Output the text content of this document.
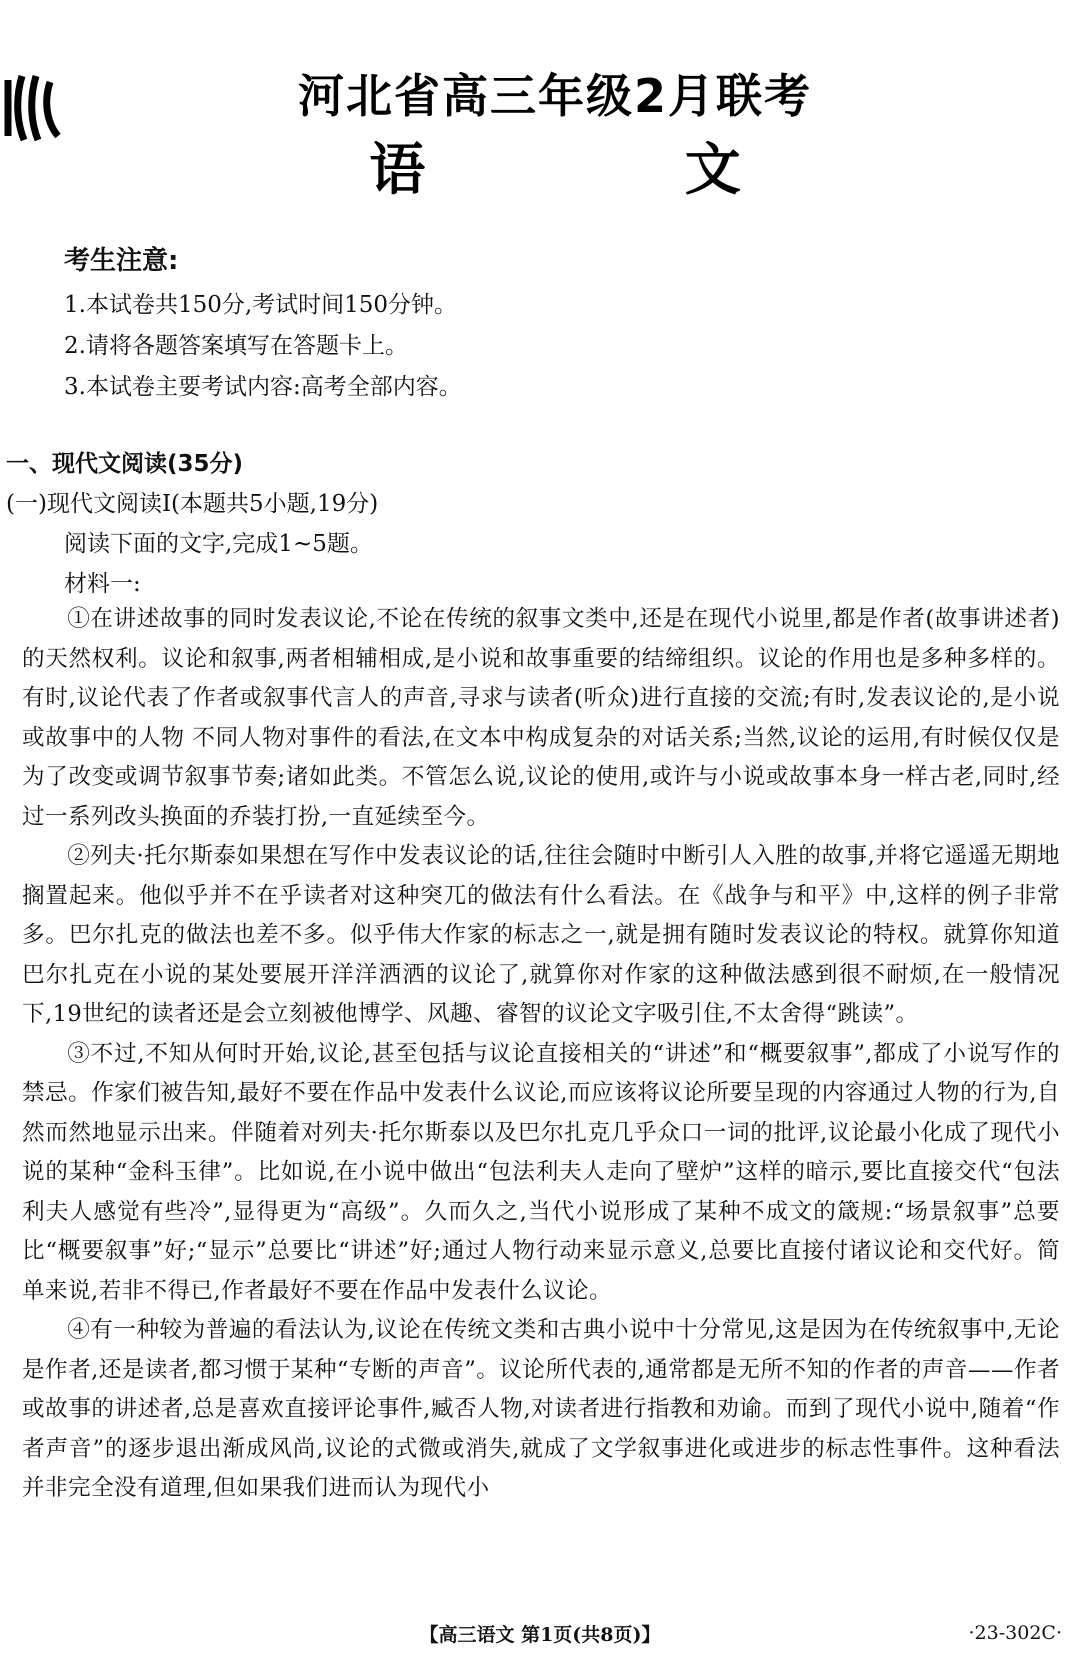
河北省高三年级2月联考
语 文
考生注意:
1.本试卷共150分,考试时间150分钟。
2.请将各题答案填写在答题卡上。
3.本试卷主要考试内容:高考全部内容。
一、现代文阅读(35分)
(一)现代文阅读Ⅰ(本题共5小题,19分)
阅读下面的文字,完成1~5题。
材料一:

①在讲述故事的同时发表议论,不论在传统的叙事文类中,还是在现代小说里,都是作者(故事讲述者)的天然权利。议论和叙事,两者相辅相成,是小说和故事重要的结缔组织。议论的作用也是多种多样的。有时,议论代表了作者或叙事代言人的声音,寻求与读者(听众)进行直接的交流;有时,发表议论的,是小说或故事中的人物 不同人物对事件的看法,在文本中构成复杂的对话关系;当然,议论的运用,有时候仅仅是为了改变或调节叙事节奏;诸如此类。不管怎么说,议论的使用,或许与小说或故事本身一样古老,同时,经过一系列改头换面的乔装打扮,一直延续至今。

②列夫·托尔斯泰如果想在写作中发表议论的话,往往会随时中断引人入胜的故事,并将它遥遥无期地搁置起来。他似乎并不在乎读者对这种突兀的做法有什么看法。在《战争与和平》中,这样的例子非常多。巴尔扎克的做法也差不多。似乎伟大作家的标志之一,就是拥有随时发表议论的特权。就算你知道巴尔扎克在小说的某处要展开洋洋洒洒的议论了,就算你对作家的这种做法感到很不耐烦,在一般情况下,19世纪的读者还是会立刻被他博学、风趣、睿智的议论文字吸引住,不太舍得“跳读”。

③不过,不知从何时开始,议论,甚至包括与议论直接相关的“讲述”和“概要叙事”,都成了小说写作的禁忌。作家们被告知,最好不要在作品中发表什么议论,而应该将议论所要呈现的内容通过人物的行为,自然而然地显示出来。伴随着对列夫·托尔斯泰以及巴尔扎克几乎众口一词的批评,议论最小化成了现代小说的某种“金科玉律”。比如说,在小说中做出“包法利夫人走向了壁炉”这样的暗示,要比直接交代“包法利夫人感觉有些冷”,显得更为“高级”。久而久之,当代小说形成了某种不成文的箴规:“场景叙事”总要比“概要叙事”好;“显示”总要比“讲述”好;通过人物行动来显示意义,总要比直接付诸议论和交代好。简单来说,若非不得已,作者最好不要在作品中发表什么议论。

④有一种较为普遍的看法认为,议论在传统文类和古典小说中十分常见,这是因为在传统叙事中,无论是作者,还是读者,都习惯于某种“专断的声音”。议论所代表的,通常都是无所不知的作者的声音——作者或故事的讲述者,总是喜欢直接评论事件,臧否人物,对读者进行指教和劝谕。而到了现代小说中,随着“作者声音”的逐步退出渐成风尚,议论的式微或消失,就成了文学叙事进化或进步的标志性事件。这种看法并非完全没有道理,但如果我们进而认为现代小

【高三语文 第1页(共8页)】	·23-302C·
